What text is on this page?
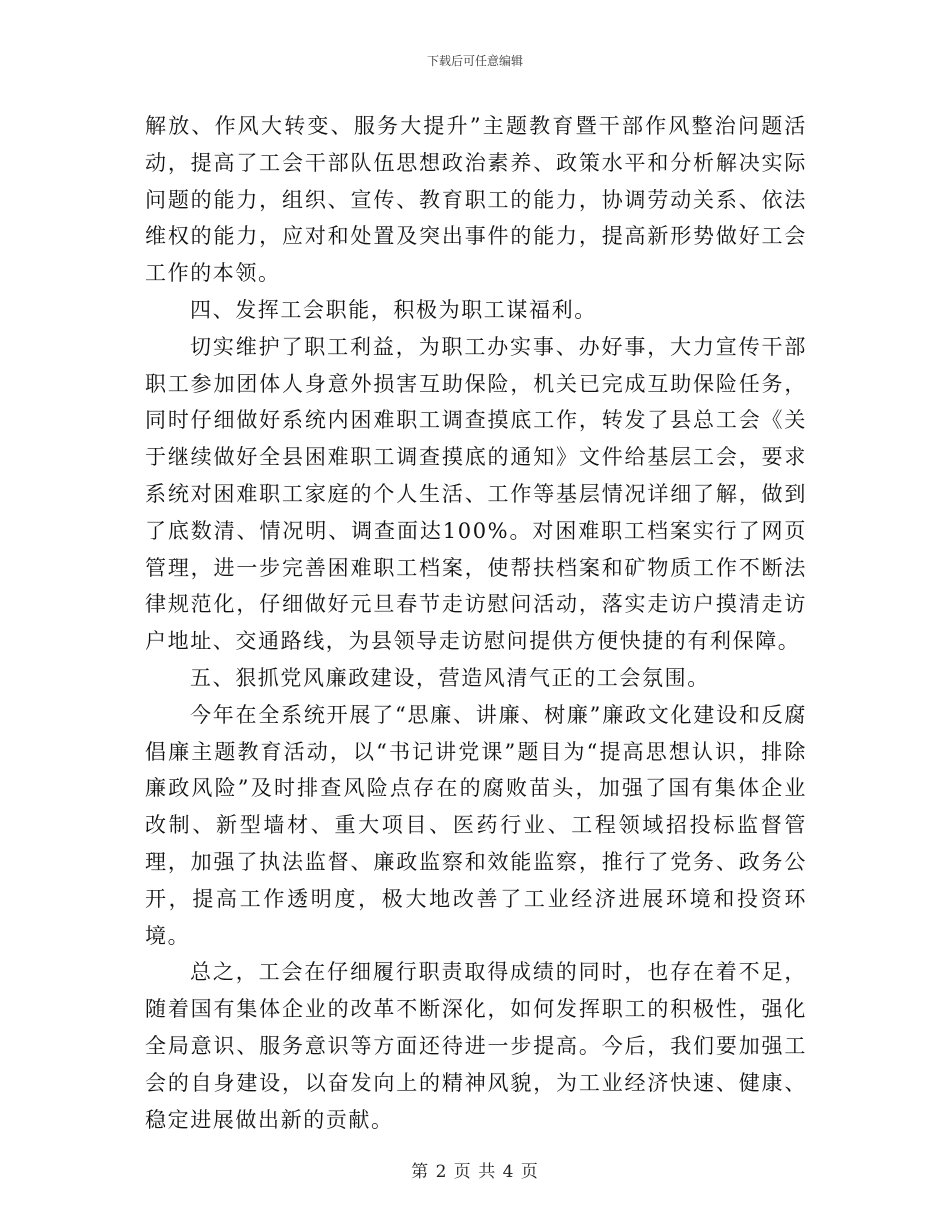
下载后可任意编辑

解放、作风大转变、服务大提升”主题教育暨干部作风整治问题活动，提高了工会干部队伍思想政治素养、政策水平和分析解决实际问题的能力，组织、宣传、教育职工的能力，协调劳动关系、依法维权的能力，应对和处置及突出事件的能力，提高新形势做好工会工作的本领。

四、发挥工会职能，积极为职工谋福利。

切实维护了职工利益，为职工办实事、办好事，大力宣传干部职工参加团体人身意外损害互助保险，机关已完成互助保险任务，同时仔细做好系统内困难职工调查摸底工作，转发了县总工会《关于继续做好全县困难职工调查摸底的通知》文件给基层工会，要求系统对困难职工家庭的个人生活、工作等基层情况详细了解，做到了底数清、情况明、调查面达100%。对困难职工档案实行了网页管理，进一步完善困难职工档案，使帮扶档案和矿物质工作不断法律规范化，仔细做好元旦春节走访慰问活动，落实走访户摸清走访户地址、交通路线，为县领导走访慰问提供方便快捷的有利保障。

五、狠抓党风廉政建设，营造风清气正的工会氛围。

今年在全系统开展了“思廉、讲廉、树廉”廉政文化建设和反腐倡廉主题教育活动，以“书记讲党课”题目为“提高思想认识，排除廉政风险”及时排查风险点存在的腐败苗头，加强了国有集体企业改制、新型墙材、重大项目、医药行业、工程领域招投标监督管理，加强了执法监督、廉政监察和效能监察，推行了党务、政务公开，提高工作透明度，极大地改善了工业经济进展环境和投资环境。

总之，工会在仔细履行职责取得成绩的同时，也存在着不足，随着国有集体企业的改革不断深化，如何发挥职工的积极性，强化全局意识、服务意识等方面还待进一步提高。今后，我们要加强工会的自身建设，以奋发向上的精神风貌，为工业经济快速、健康、稳定进展做出新的贡献。

第 2 页 共 4 页
